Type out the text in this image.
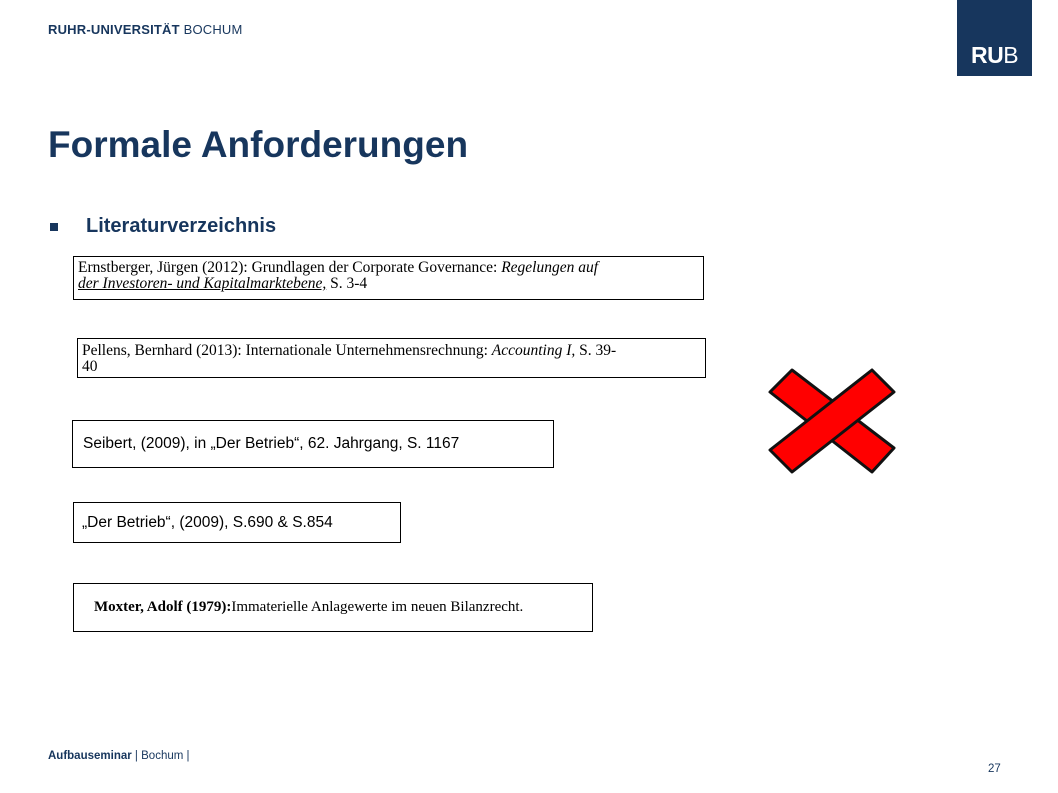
RUHR-UNIVERSITÄT BOCHUM
RUB
Formale Anforderungen
Literaturverzeichnis
Ernstberger, Jürgen (2012): Grundlagen der Corporate Governance: Regelungen auf
der Investoren- und Kapitalmarktebene, S. 3-4
Pellens, Bernhard (2013): Internationale Unternehmensrechnung: Accounting I, S. 39-
40
Seibert, (2009), in „Der Betrieb“, 62. Jahrgang, S. 1167
„Der Betrieb“, (2009), S.690 & S.854
Moxter, Adolf (1979): Immaterielle Anlagewerte im neuen Bilanzrecht.
Aufbauseminar | Bochum |
27
